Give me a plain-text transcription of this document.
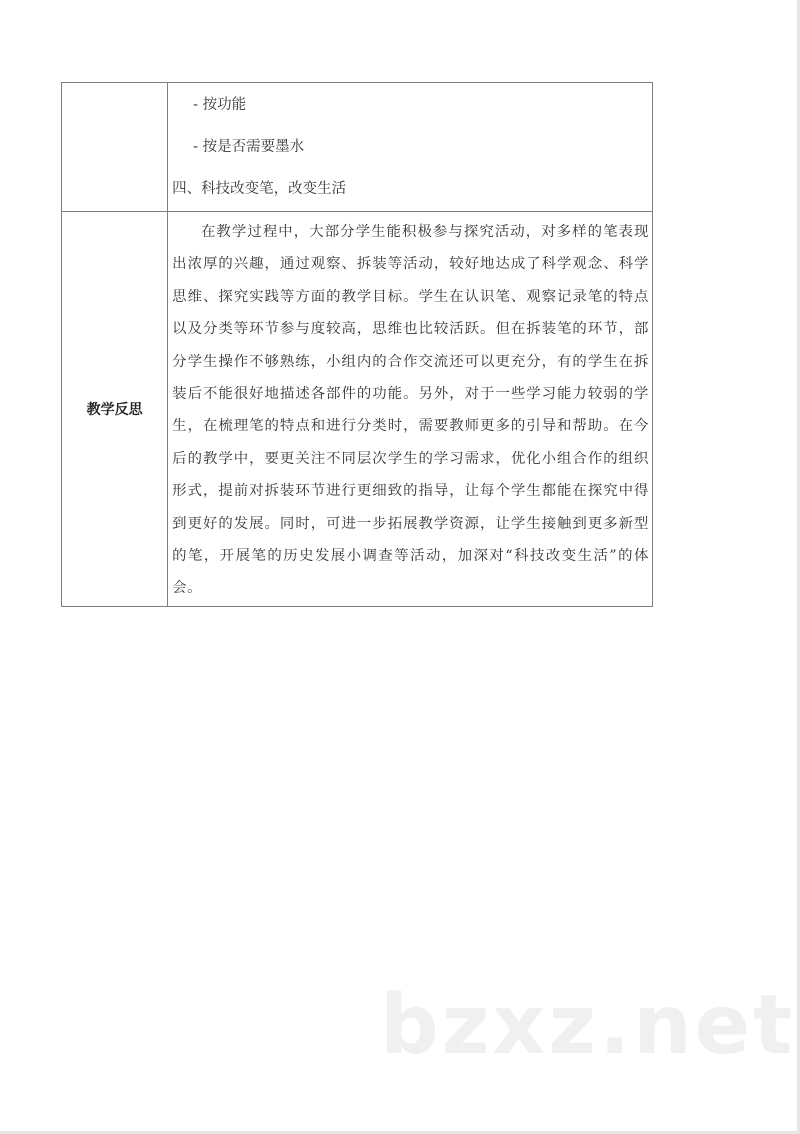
	- 按功能
- 按是否需要墨水
四、科技改变笔，改变生活

教学反思	在教学过程中，大部分学生能积极参与探究活动，对多样的笔表现出浓厚的兴趣，通过观察、拆装等活动，较好地达成了科学观念、科学思维、探究实践等方面的教学目标。学生在认识笔、观察记录笔的特点以及分类等环节参与度较高，思维也比较活跃。但在拆装笔的环节，部分学生操作不够熟练，小组内的合作交流还可以更充分，有的学生在拆装后不能很好地描述各部件的功能。另外，对于一些学习能力较弱的学生，在梳理笔的特点和进行分类时，需要教师更多的引导和帮助。在今后的教学中，要更关注不同层次学生的学习需求，优化小组合作的组织形式，提前对拆装环节进行更细致的指导，让每个学生都能在探究中得到更好的发展。同时，可进一步拓展教学资源，让学生接触到更多新型的笔，开展笔的历史发展小调查等活动，加深对“科技改变生活”的体会。

bzxz.net
